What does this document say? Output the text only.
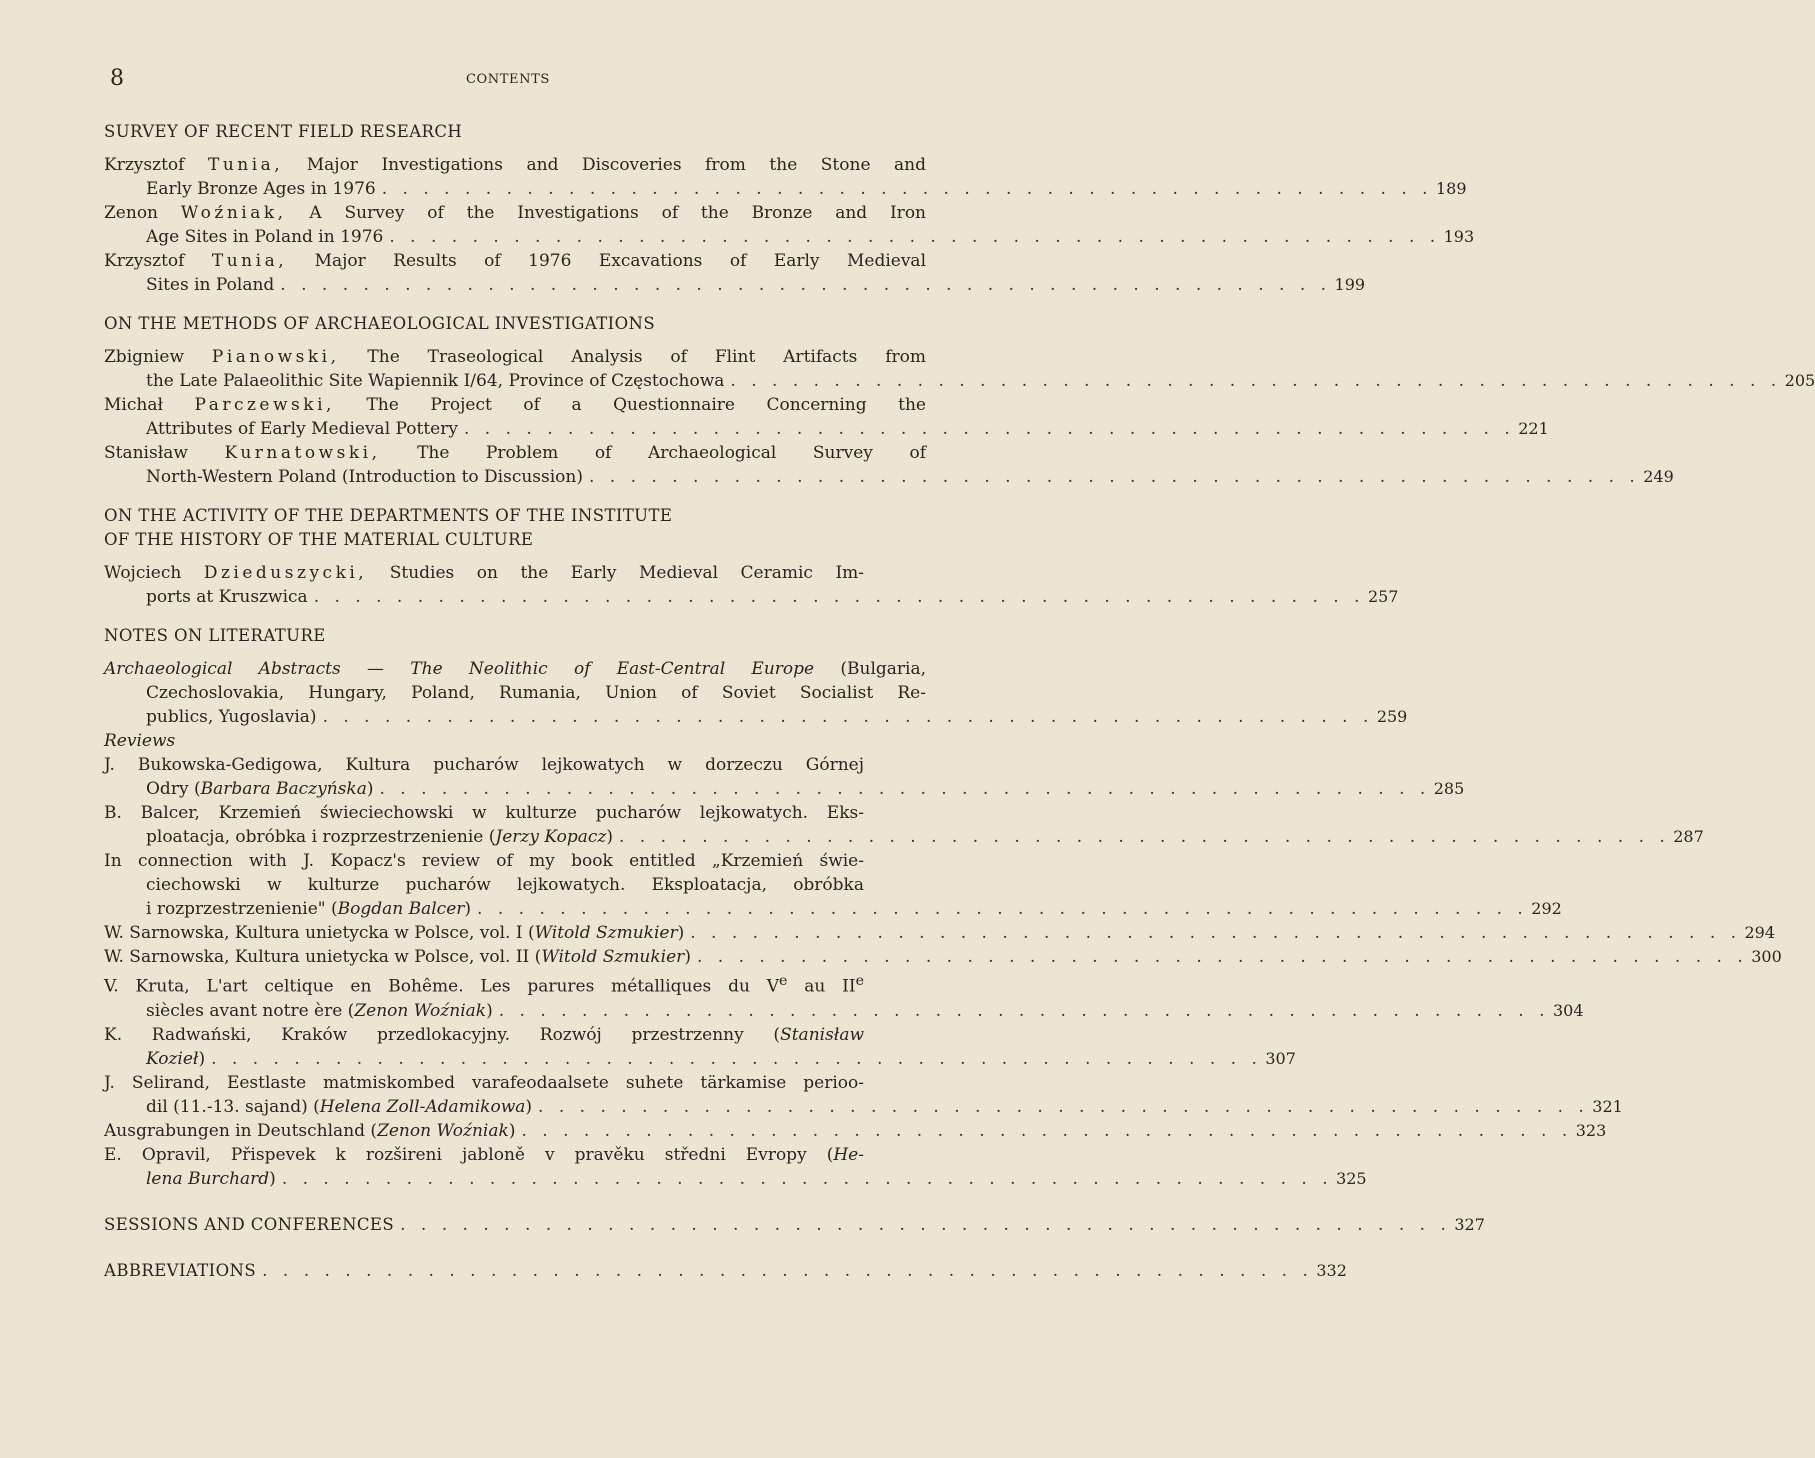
8	CONTENTS
SURVEY OF RECENT FIELD RESEARCH
Krzysztof Tunia, Major Investigations and Discoveries from the Stone and
Early Bronze Ages in 1976 . . . . . . . . . . . . . . . . . . . . . . . . . . . . . . . . . . . . . . . . . . . . . . . . . . . 189
Zenon Woźniak, A Survey of the Investigations of the Bronze and Iron
Age Sites in Poland in 1976 . . . . . . . . . . . . . . . . . . . . . . . . . . . . . . . . . . . . . . . . . . . . . . . . . . . 193
Krzysztof Tunia, Major Results of 1976 Excavations of Early Medieval
Sites in Poland . . . . . . . . . . . . . . . . . . . . . . . . . . . . . . . . . . . . . . . . . . . . . . . . . . . 199
ON THE METHODS OF ARCHAEOLOGICAL INVESTIGATIONS
Zbigniew Pianowski, The Traseological Analysis of Flint Artifacts from
the Late Palaeolithic Site Wapiennik I/64, Province of Częstochowa . . . . . . . . . . . . . . . . . . . . . . . . . . . . . . . . . . . . . . . . . . . . . . . . . . . 205
Michał Parczewski, The Project of a Questionnaire Concerning the
Attributes of Early Medieval Pottery . . . . . . . . . . . . . . . . . . . . . . . . . . . . . . . . . . . . . . . . . . . . . . . . . . . 221
Stanisław Kurnatowski, The Problem of Archaeological Survey of
North-Western Poland (Introduction to Discussion) . . . . . . . . . . . . . . . . . . . . . . . . . . . . . . . . . . . . . . . . . . . . . . . . . . . 249
ON THE ACTIVITY OF THE DEPARTMENTS OF THE INSTITUTE
OF THE HISTORY OF THE MATERIAL CULTURE
Wojciech Dzieduszycki, Studies on the Early Medieval Ceramic Im-
ports at Kruszwica . . . . . . . . . . . . . . . . . . . . . . . . . . . . . . . . . . . . . . . . . . . . . . . . . . . 257
NOTES ON LITERATURE
Archaeological Abstracts — The Neolithic of East-Central Europe (Bulgaria,
Czechoslovakia, Hungary, Poland, Rumania, Union of Soviet Socialist Re-
publics, Yugoslavia) . . . . . . . . . . . . . . . . . . . . . . . . . . . . . . . . . . . . . . . . . . . . . . . . . . . 259
Reviews
J. Bukowska-Gedigowa, Kultura pucharów lejkowatych w dorzeczu Górnej
Odry (Barbara Baczyńska) . . . . . . . . . . . . . . . . . . . . . . . . . . . . . . . . . . . . . . . . . . . . . . . . . . . 285
B. Balcer, Krzemień świeciechowski w kulturze pucharów lejkowatych. Eks-
ploatacja, obróbka i rozprzestrzenienie (Jerzy Kopacz) . . . . . . . . . . . . . . . . . . . . . . . . . . . . . . . . . . . . . . . . . . . . . . . . . . . 287
In connection with J. Kopacz's review of my book entitled „Krzemień świe-
ciechowski w kulturze pucharów lejkowatych. Eksploatacja, obróbka
i rozprzestrzenienie" (Bogdan Balcer) . . . . . . . . . . . . . . . . . . . . . . . . . . . . . . . . . . . . . . . . . . . . . . . . . . . 292
W. Sarnowska, Kultura unietycka w Polsce, vol. I (Witold Szmukier) . . . . . . . . . . . . . . . . . . . . . . . . . . . . . . . . . . . . . . . . . . . . . . . . . . . 294
W. Sarnowska, Kultura unietycka w Polsce, vol. II (Witold Szmukier) . . . . . . . . . . . . . . . . . . . . . . . . . . . . . . . . . . . . . . . . . . . . . . . . . . . 300
V. Kruta, L'art celtique en Bohême. Les parures métalliques du Ve au IIe
siècles avant notre ère (Zenon Woźniak) . . . . . . . . . . . . . . . . . . . . . . . . . . . . . . . . . . . . . . . . . . . . . . . . . . . 304
K. Radwański, Kraków przedlokacyjny. Rozwój przestrzenny (Stanisław
Kozieł) . . . . . . . . . . . . . . . . . . . . . . . . . . . . . . . . . . . . . . . . . . . . . . . . . . . 307
J. Selirand, Eestlaste matmiskombed varafeodaalsete suhete tärkamise perioo-
dil (11.-13. sajand) (Helena Zoll-Adamikowa) . . . . . . . . . . . . . . . . . . . . . . . . . . . . . . . . . . . . . . . . . . . . . . . . . . . 321
Ausgrabungen in Deutschland (Zenon Woźniak) . . . . . . . . . . . . . . . . . . . . . . . . . . . . . . . . . . . . . . . . . . . . . . . . . . . 323
E. Opravil, Přispevek k rozšireni jabloně v pravěku středni Evropy (He-
lena Burchard) . . . . . . . . . . . . . . . . . . . . . . . . . . . . . . . . . . . . . . . . . . . . . . . . . . . 325
SESSIONS AND CONFERENCES . . . . . . . . . . . . . . . . . . . . . . . . . . . . . . . . . . . . . . . . . . . . . . . . . . . 327
ABBREVIATIONS . . . . . . . . . . . . . . . . . . . . . . . . . . . . . . . . . . . . . . . . . . . . . . . . . . . 332
